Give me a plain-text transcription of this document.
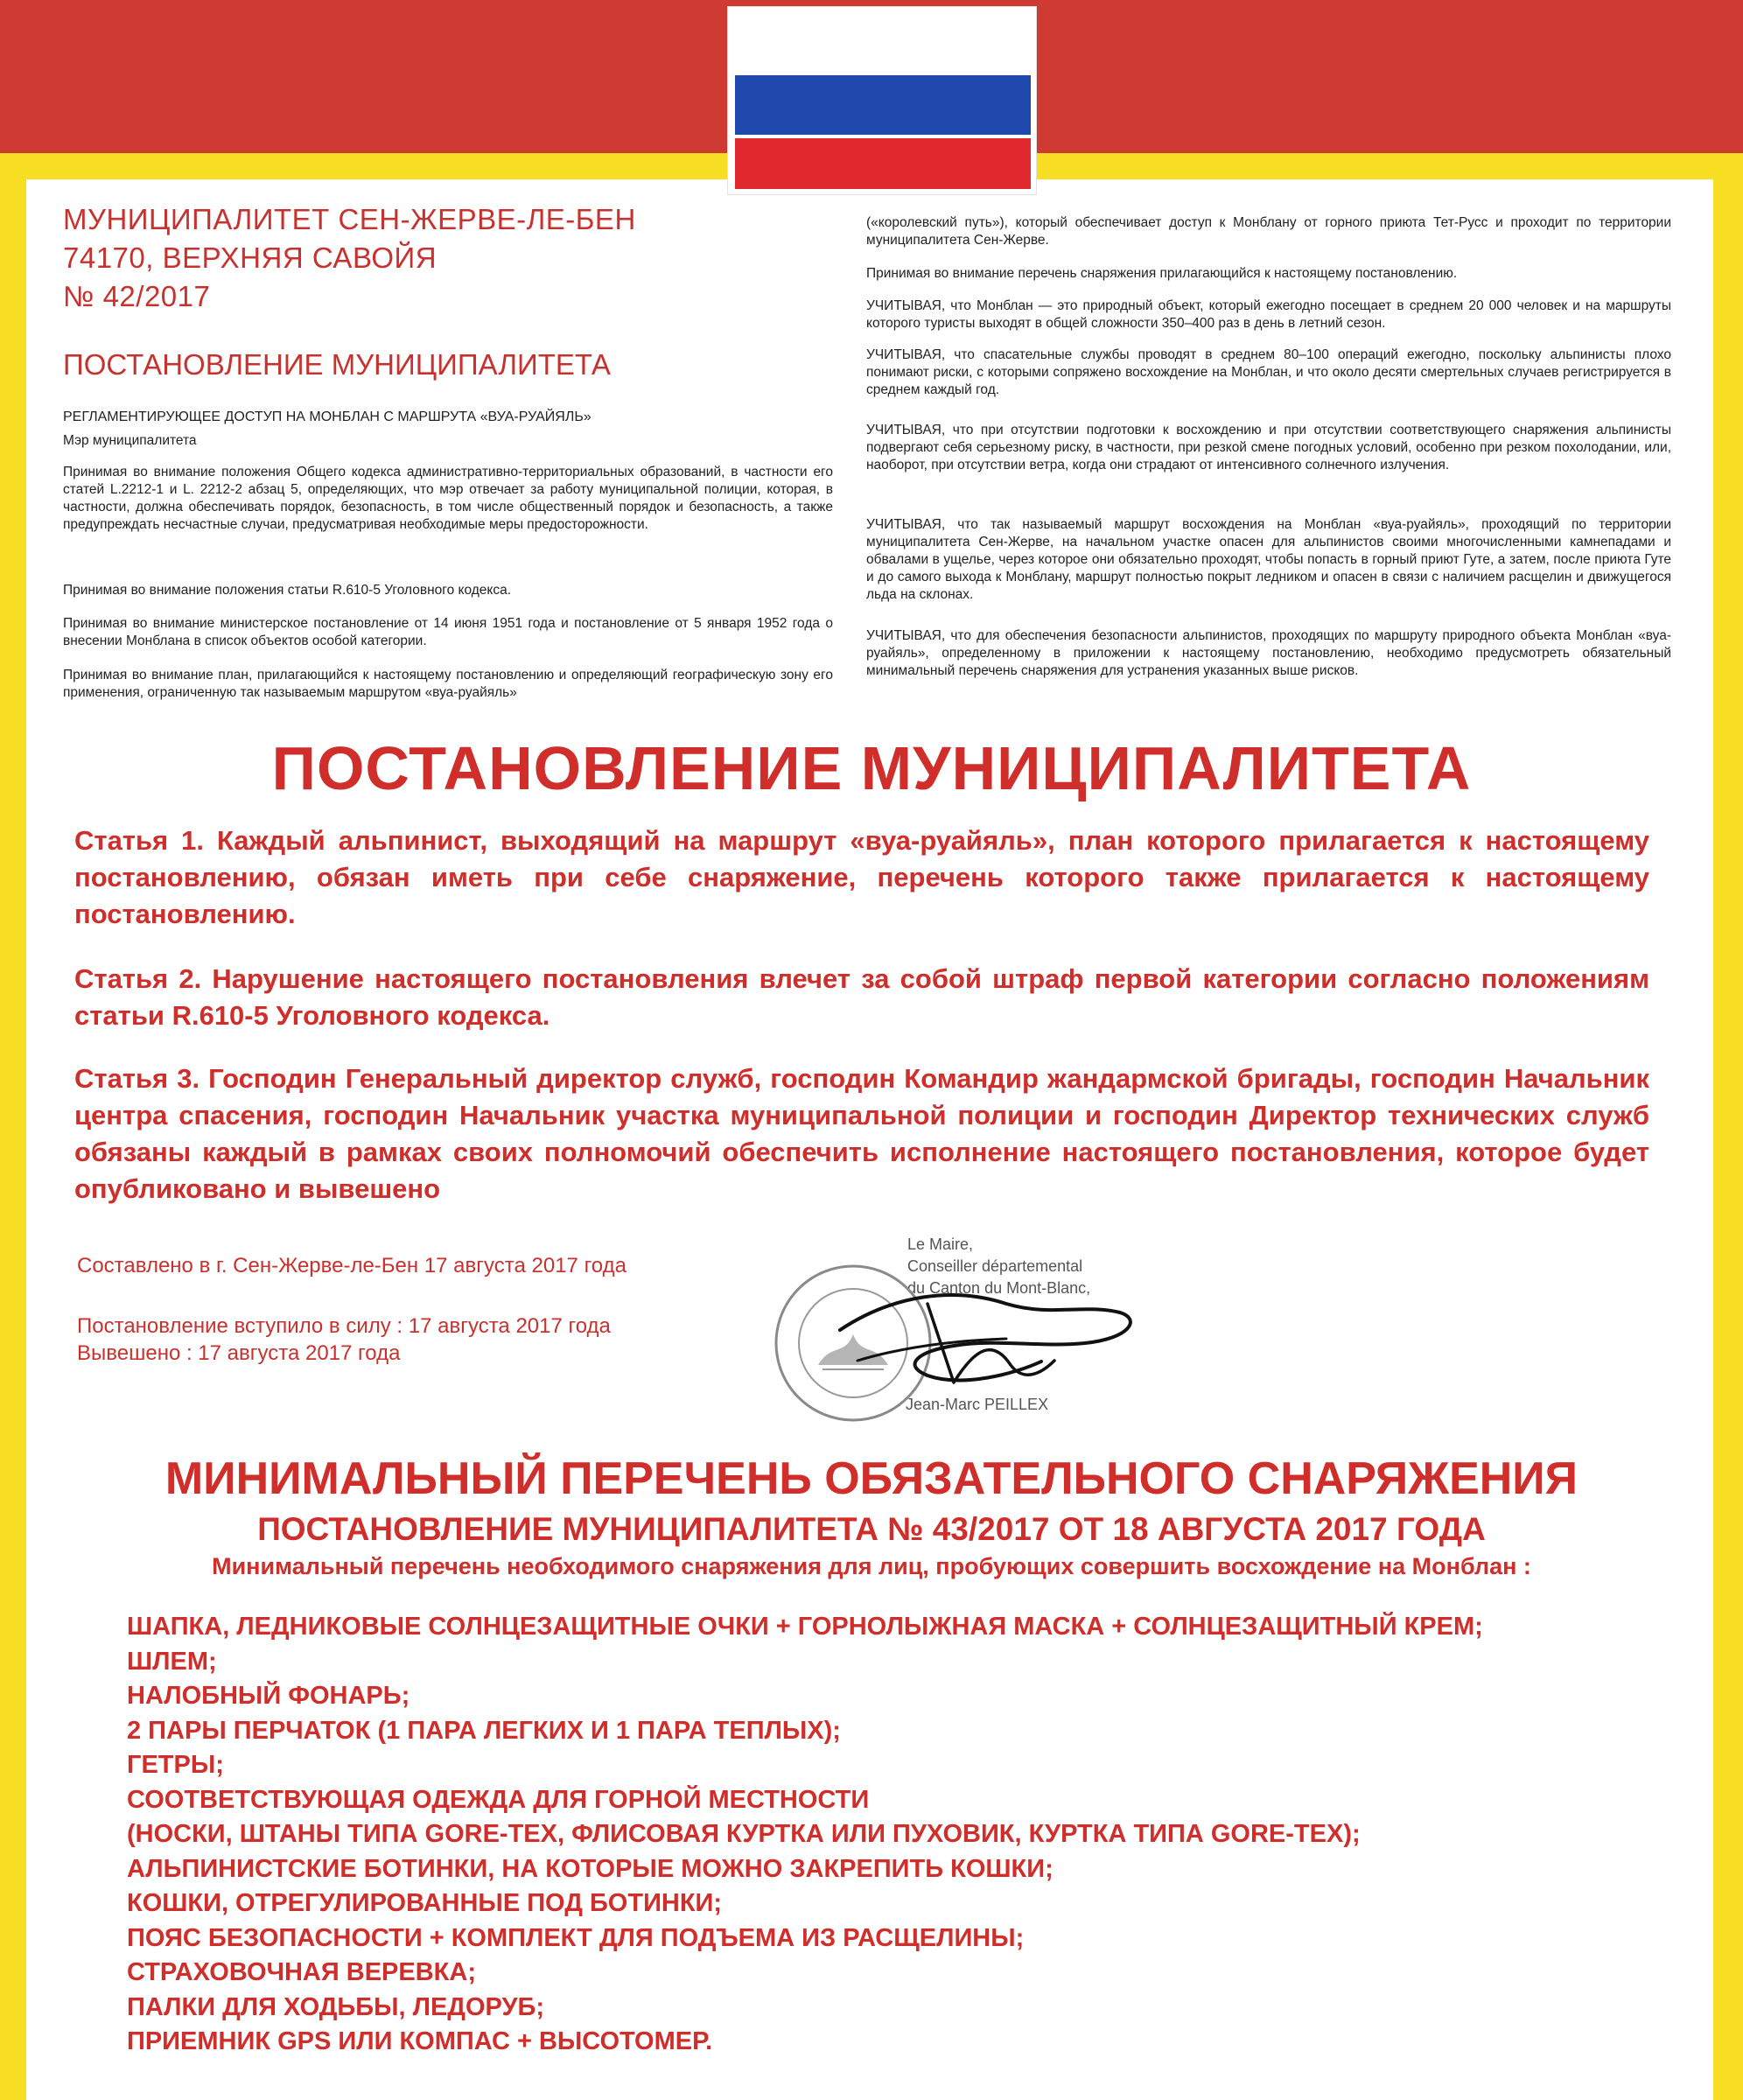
МУНИЦИПАЛИТЕТ СЕН-ЖЕРВЕ-ЛЕ-БЕН
74170, ВЕРХНЯЯ САВОЙЯ
№ 42/2017
ПОСТАНОВЛЕНИЕ МУНИЦИПАЛИТЕТА
РЕГЛАМЕНТИРУЮЩЕЕ ДОСТУП НА МОНБЛАН С МАРШРУТА «ВУА-РУАЙЯЛЬ»
Мэр муниципалитета
Принимая во внимание положения Общего кодекса административно-территориальных образований, в частности его статей L.2212-1 и L. 2212-2 абзац 5, определяющих, что мэр отвечает за работу муниципальной полиции, которая, в частности, должна обеспечивать порядок, безопасность, в том числе общественный порядок и безопасность, а также предупреждать несчастные случаи, предусматривая необходимые меры предосторожности.
Принимая во внимание положения статьи R.610-5 Уголовного кодекса.
Принимая во внимание министерское постановление от 14 июня 1951 года и постановление от 5 января 1952 года о внесении Монблана в список объектов особой категории.
Принимая во внимание план, прилагающийся к настоящему постановлению и определяющий географическую зону его применения, ограниченную так называемым маршрутом «вуа-руайяль»
(«королевский путь»), который обеспечивает доступ к Монблану от горного приюта Тет-Русс и проходит по территории муниципалитета Сен-Жерве.
Принимая во внимание перечень снаряжения прилагающийся к настоящему постановлению.
УЧИТЫВАЯ, что Монблан — это природный объект, который ежегодно посещает в среднем 20 000 человек и на маршруты которого туристы выходят в общей сложности 350–400 раз в день в летний сезон.
УЧИТЫВАЯ, что спасательные службы проводят в среднем 80–100 операций ежегодно, поскольку альпинисты плохо понимают риски, с которыми сопряжено восхождение на Монблан, и что около десяти смертельных случаев регистрируется в среднем каждый год.
УЧИТЫВАЯ, что при отсутствии подготовки к восхождению и при отсутствии соответствующего снаряжения альпинисты подвергают себя серьезному риску, в частности, при резкой смене погодных условий, особенно при резком похолодании, или, наоборот, при отсутствии ветра, когда они страдают от интенсивного солнечного излучения.
УЧИТЫВАЯ, что так называемый маршрут восхождения на Монблан «вуа-руайяль», проходящий по территории муниципалитета Сен-Жерве, на начальном участке опасен для альпинистов своими многочисленными камнепадами и обвалами в ущелье, через которое они обязательно проходят, чтобы попасть в горный приют Гуте, а затем, после приюта Гуте и до самого выхода к Монблану, маршрут полностью покрыт ледником и опасен в связи с наличием расщелин и движущегося льда на склонах.
УЧИТЫВАЯ, что для обеспечения безопасности альпинистов, проходящих по маршруту природного объекта Монблан «вуа-руайяль», определенному в приложении к настоящему постановлению, необходимо предусмотреть обязательный минимальный перечень снаряжения для устранения указанных выше рисков.
ПОСТАНОВЛЕНИЕ МУНИЦИПАЛИТЕТА
Статья 1. Каждый альпинист, выходящий на маршрут «вуа-руайяль», план которого прилагается к настоящему постановлению, обязан иметь при себе снаряжение, перечень которого также прилагается к настоящему постановлению.
Статья 2. Нарушение настоящего постановления влечет за собой штраф первой категории согласно положениям статьи R.610-5 Уголовного кодекса.
Статья 3. Господин Генеральный директор служб, господин Командир жандармской бригады, господин Начальник центра спасения, господин Начальник участка муниципальной полиции и господин Директор технических служб обязаны каждый в рамках своих полномочий обеспечить исполнение настоящего постановления, которое будет опубликовано и вывешено
Составлено в г. Сен-Жерве-ле-Бен 17 августа 2017 года
Постановление вступило в силу : 17 августа 2017 года
Вывешено : 17 августа 2017 года
Le Maire,
Conseiller départemental
du Canton du Mont-Blanc,
Jean-Marc PEILLEX
МИНИМАЛЬНЫЙ ПЕРЕЧЕНЬ ОБЯЗАТЕЛЬНОГО СНАРЯЖЕНИЯ
ПОСТАНОВЛЕНИЕ МУНИЦИПАЛИТЕТА № 43/2017 ОТ 18 АВГУСТА 2017 ГОДА
Минимальный перечень необходимого снаряжения для лиц, пробующих совершить восхождение на Монблан :
ШАПКА, ЛЕДНИКОВЫЕ СОЛНЦЕЗАЩИТНЫЕ ОЧКИ + ГОРНОЛЫЖНАЯ МАСКА + СОЛНЦЕЗАЩИТНЫЙ КРЕМ;
ШЛЕМ;
НАЛОБНЫЙ ФОНАРЬ;
2 ПАРЫ ПЕРЧАТОК (1 ПАРА ЛЕГКИХ И 1 ПАРА ТЕПЛЫХ);
ГЕТРЫ;
СООТВЕТСТВУЮЩАЯ ОДЕЖДА ДЛЯ ГОРНОЙ МЕСТНОСТИ
(НОСКИ, ШТАНЫ ТИПА GORE-TEX, ФЛИСОВАЯ КУРТКА ИЛИ ПУХОВИК, КУРТКА ТИПА GORE-TEX);
АЛЬПИНИСТСКИЕ БОТИНКИ, НА КОТОРЫЕ МОЖНО ЗАКРЕПИТЬ КОШКИ;
КОШКИ, ОТРЕГУЛИРОВАННЫЕ ПОД БОТИНКИ;
ПОЯС БЕЗОПАСНОСТИ + КОМПЛЕКТ ДЛЯ ПОДЪЕМА ИЗ РАСЩЕЛИНЫ;
СТРАХОВОЧНАЯ ВЕРЕВКА;
ПАЛКИ ДЛЯ ХОДЬБЫ, ЛЕДОРУБ;
ПРИЕМНИК GPS ИЛИ КОМПАС + ВЫСОТОМЕР.
